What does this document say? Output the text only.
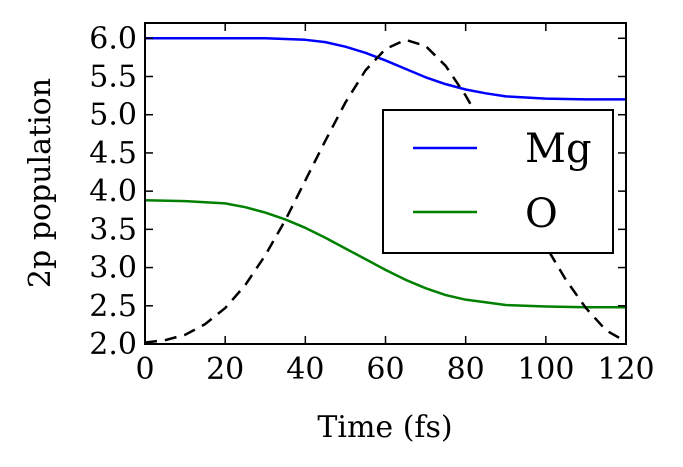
0 20 40 60 80 100 120
2.0
2.5
3.0
3.5
4.0
4.5
5.0
5.5
6.0
Time (fs)
2p population	Mg
O
